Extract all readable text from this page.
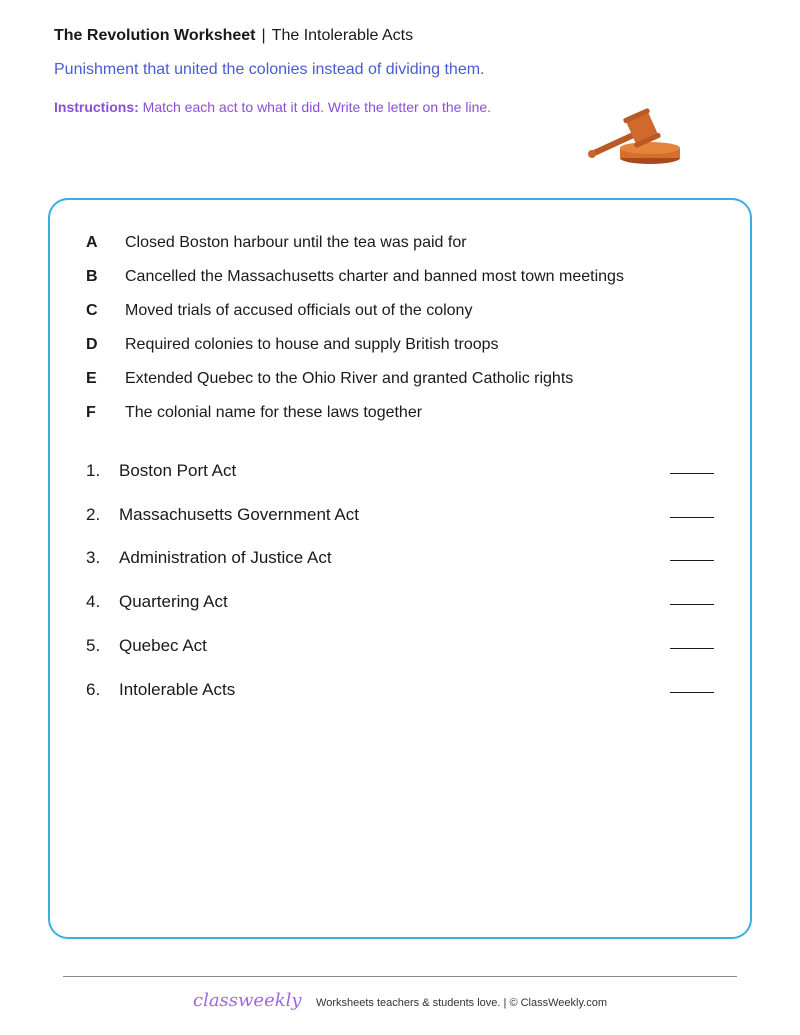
The Revolution Worksheet | The Intolerable Acts
Punishment that united the colonies instead of dividing them.
Instructions: Match each act to what it did. Write the letter on the line.
A Closed Boston harbour until the tea was paid for
B Cancelled the Massachusetts charter and banned most town meetings
C Moved trials of accused officials out of the colony
D Required colonies to house and supply British troops
E Extended Quebec to the Ohio River and granted Catholic rights
F The colonial name for these laws together
1. Boston Port Act
2. Massachusetts Government Act
3. Administration of Justice Act
4. Quartering Act
5. Quebec Act
6. Intolerable Acts
classweekly Worksheets teachers & students love. | © ClassWeekly.com
